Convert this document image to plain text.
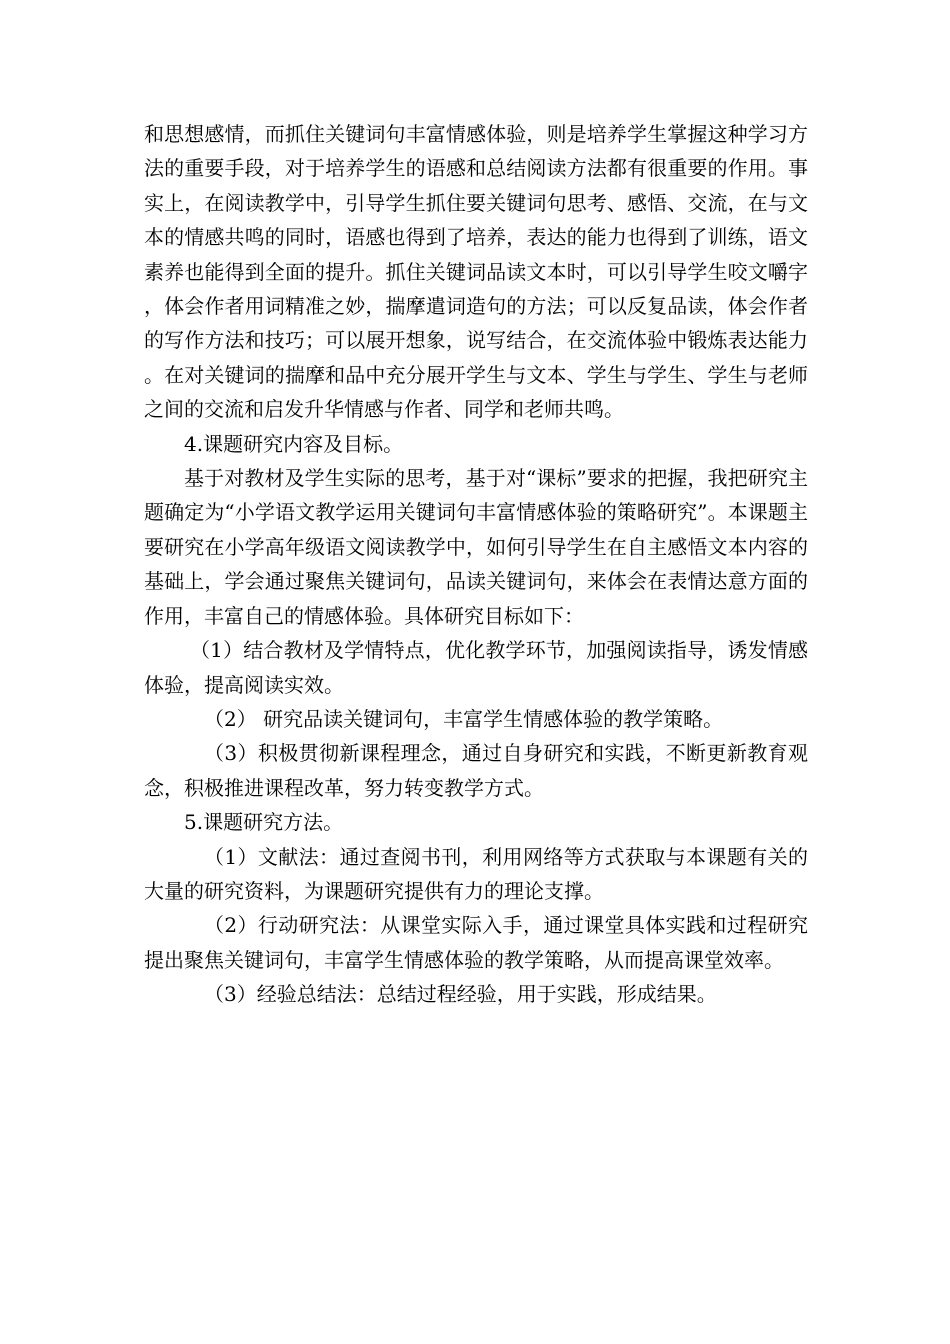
和思想感情，而抓住关键词句丰富情感体验，则是培养学生掌握这种学习方法的重要手段，对于培养学生的语感和总结阅读方法都有很重要的作用。事实上，在阅读教学中，引导学生抓住要关键词句思考、感悟、交流，在与文本的情感共鸣的同时，语感也得到了培养，表达的能力也得到了训练，语文素养也能得到全面的提升。抓住关键词品读文本时，可以引导学生咬文嚼字，体会作者用词精准之妙，揣摩遣词造句的方法；可以反复品读，体会作者的写作方法和技巧；可以展开想象，说写结合，在交流体验中锻炼表达能力。在对关键词的揣摩和品中充分展开学生与文本、学生与学生、学生与老师之间的交流和启发升华情感与作者、同学和老师共鸣。

4.课题研究内容及目标。

基于对教材及学生实际的思考，基于对“课标”要求的把握，我把研究主题确定为“小学语文教学运用关键词句丰富情感体验的策略研究”。本课题主要研究在小学高年级语文阅读教学中，如何引导学生在自主感悟文本内容的基础上，学会通过聚焦关键词句，品读关键词句，来体会在表情达意方面的作用，丰富自己的情感体验。具体研究目标如下：

（1）结合教材及学情特点，优化教学环节，加强阅读指导，诱发情感体验，提高阅读实效。

（2） 研究品读关键词句，丰富学生情感体验的教学策略。

（3）积极贯彻新课程理念，通过自身研究和实践，不断更新教育观念，积极推进课程改革，努力转变教学方式。

5.课题研究方法。

（1）文献法：通过查阅书刊，利用网络等方式获取与本课题有关的大量的研究资料，为课题研究提供有力的理论支撑。

（2）行动研究法：从课堂实际入手，通过课堂具体实践和过程研究提出聚焦关键词句，丰富学生情感体验的教学策略，从而提高课堂效率。

（3）经验总结法：总结过程经验，用于实践，形成结果。
